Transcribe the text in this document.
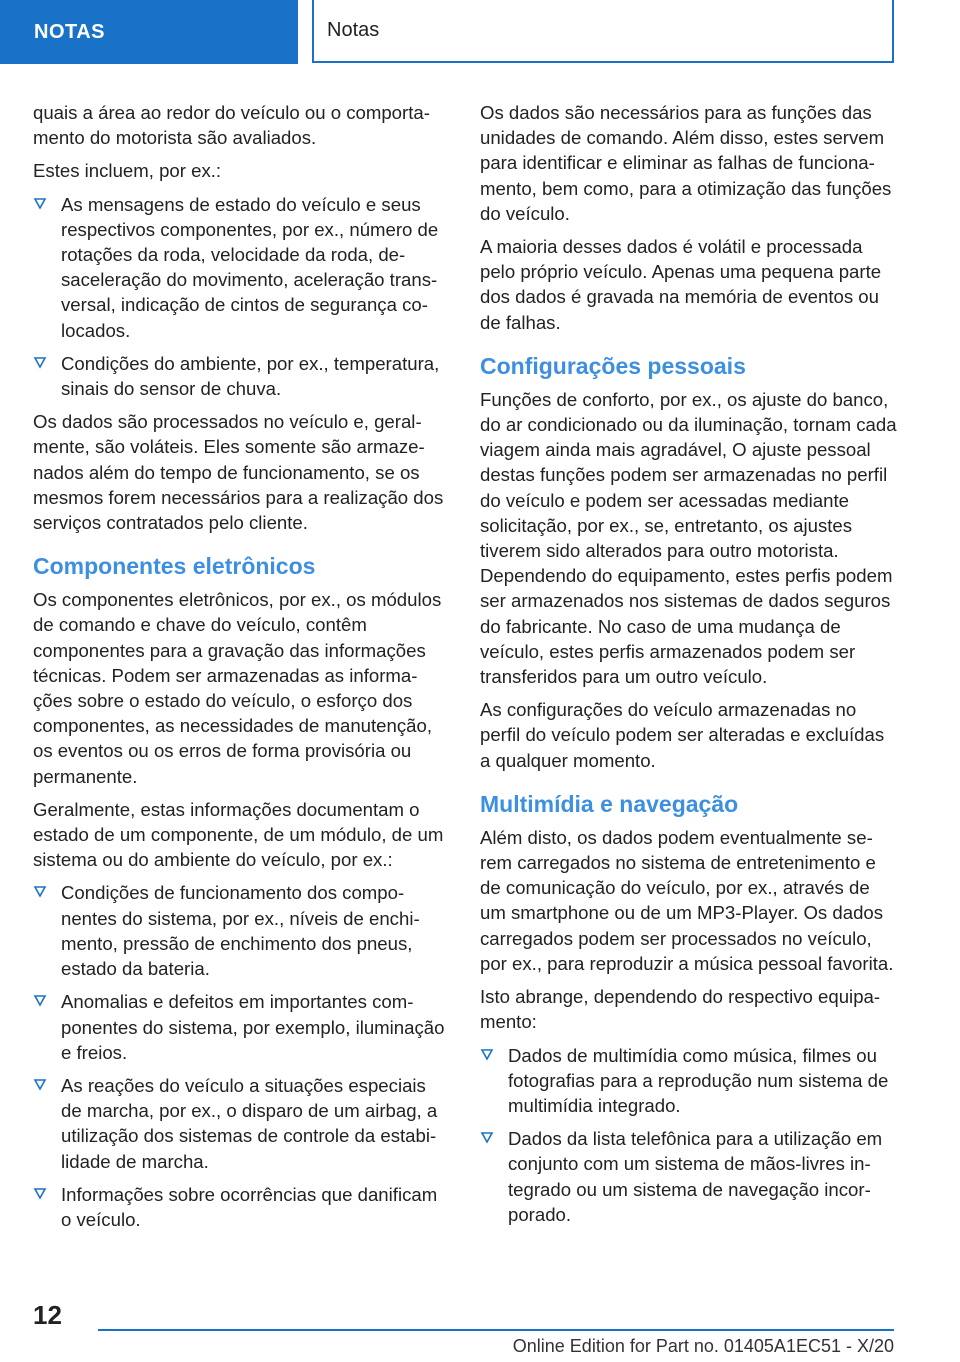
NOTAS	Notas

quais a área ao redor do veículo ou o comportamento do motorista são avaliados.

Estes incluem, por ex.:

As mensagens de estado do veículo e seus respectivos componentes, por ex., número de rotações da roda, velocidade da roda, desaceleração do movimento, aceleração transversal, indicação de cintos de segurança colocados.
Condições do ambiente, por ex., temperatura, sinais do sensor de chuva.

Os dados são processados no veículo e, geralmente, são voláteis. Eles somente são armazenados além do tempo de funcionamento, se os mesmos forem necessários para a realização dos serviços contratados pelo cliente.

Componentes eletrônicos

Os componentes eletrônicos, por ex., os módulos de comando e chave do veículo, contêm componentes para a gravação das informações técnicas. Podem ser armazenadas as informações sobre o estado do veículo, o esforço dos componentes, as necessidades de manutenção, os eventos ou os erros de forma provisória ou permanente.

Geralmente, estas informações documentam o estado de um componente, de um módulo, de um sistema ou do ambiente do veículo, por ex.:

Condições de funcionamento dos componentes do sistema, por ex., níveis de enchimento, pressão de enchimento dos pneus, estado da bateria.
Anomalias e defeitos em importantes componentes do sistema, por exemplo, iluminação e freios.
As reações do veículo a situações especiais de marcha, por ex., o disparo de um airbag, a utilização dos sistemas de controle da estabilidade de marcha.
Informações sobre ocorrências que danificam o veículo.

Os dados são necessários para as funções das unidades de comando. Além disso, estes servem para identificar e eliminar as falhas de funcionamento, bem como, para a otimização das funções do veículo.

A maioria desses dados é volátil e processada pelo próprio veículo. Apenas uma pequena parte dos dados é gravada na memória de eventos ou de falhas.

Configurações pessoais

Funções de conforto, por ex., os ajuste do banco, do ar condicionado ou da iluminação, tornam cada viagem ainda mais agradável, O ajuste pessoal destas funções podem ser armazenadas no perfil do veículo e podem ser acessadas mediante solicitação, por ex., se, entretanto, os ajustes tiverem sido alterados para outro motorista. Dependendo do equipamento, estes perfis podem ser armazenados nos sistemas de dados seguros do fabricante. No caso de uma mudança de veículo, estes perfis armazenados podem ser transferidos para um outro veículo.

As configurações do veículo armazenadas no perfil do veículo podem ser alteradas e excluídas a qualquer momento.

Multimídia e navegação

Além disto, os dados podem eventualmente serem carregados no sistema de entretenimento e de comunicação do veículo, por ex., através de um smartphone ou de um MP3-Player. Os dados carregados podem ser processados no veículo, por ex., para reproduzir a música pessoal favorita.

Isto abrange, dependendo do respectivo equipamento:

Dados de multimídia como música, filmes ou fotografias para a reprodução num sistema de multimídia integrado.
Dados da lista telefônica para a utilização em conjunto com um sistema de mãos-livres integrado ou um sistema de navegação incorporado.
12
Online Edition for Part no. 01405A1EC51 - X/20
